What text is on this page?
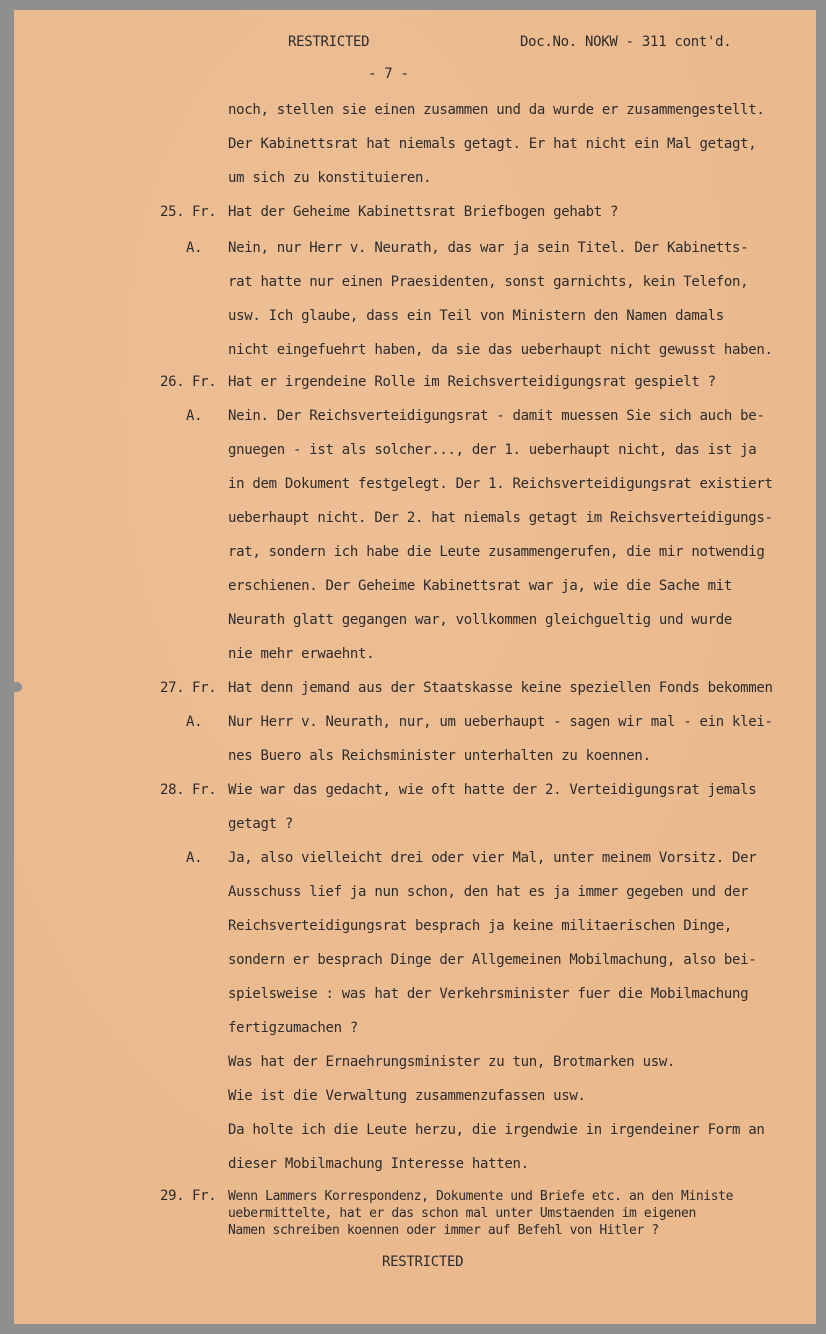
RESTRICTED	Doc.No. NOKW - 311 cont'd.
- 7 -
noch, stellen sie einen zusammen und da wurde er zusammengestellt.
Der Kabinettsrat hat niemals getagt. Er hat nicht ein Mal getagt,
um sich zu konstituieren.
25. Fr. Hat der Geheime Kabinettsrat Briefbogen gehabt ?
A. Nein, nur Herr v. Neurath, das war ja sein Titel. Der Kabinetts-
rat hatte nur einen Praesidenten, sonst garnichts, kein Telefon,
usw. Ich glaube, dass ein Teil von Ministern den Namen damals
nicht eingefuehrt haben, da sie das ueberhaupt nicht gewusst haben.
26. Fr. Hat er irgendeine Rolle im Reichsverteidigungsrat gespielt ?
A. Nein. Der Reichsverteidigungsrat - damit muessen Sie sich auch be-
gnuegen - ist als solcher..., der 1. ueberhaupt nicht, das ist ja
in dem Dokument festgelegt. Der 1. Reichsverteidigungsrat existiert
ueberhaupt nicht. Der 2. hat niemals getagt im Reichsverteidigungs-
rat, sondern ich habe die Leute zusammengerufen, die mir notwendig
erschienen. Der Geheime Kabinettsrat war ja, wie die Sache mit
Neurath glatt gegangen war, vollkommen gleichgueltig und wurde
nie mehr erwaehnt.
27. Fr. Hat denn jemand aus der Staatskasse keine speziellen Fonds bekommen
A. Nur Herr v. Neurath, nur, um ueberhaupt - sagen wir mal - ein klei-
nes Buero als Reichsminister unterhalten zu koennen.
28. Fr. Wie war das gedacht, wie oft hatte der 2. Verteidigungsrat jemals
getagt ?
A. Ja, also vielleicht drei oder vier Mal, unter meinem Vorsitz. Der
Ausschuss lief ja nun schon, den hat es ja immer gegeben und der
Reichsverteidigungsrat besprach ja keine militaerischen Dinge,
sondern er besprach Dinge der Allgemeinen Mobilmachung, also bei-
spielsweise : was hat der Verkehrsminister fuer die Mobilmachung
fertigzumachen ?
Was hat der Ernaehrungsminister zu tun, Brotmarken usw.
Wie ist die Verwaltung zusammenzufassen usw.
Da holte ich die Leute herzu, die irgendwie in irgendeiner Form an
dieser Mobilmachung Interesse hatten.
29. Fr. Wenn Lammers Korrespondenz, Dokumente und Briefe etc. an den Ministe
uebermittelte, hat er das schon mal unter Umstaenden im eigenen
Namen schreiben koennen oder immer auf Befehl von Hitler ?
RESTRICTED
